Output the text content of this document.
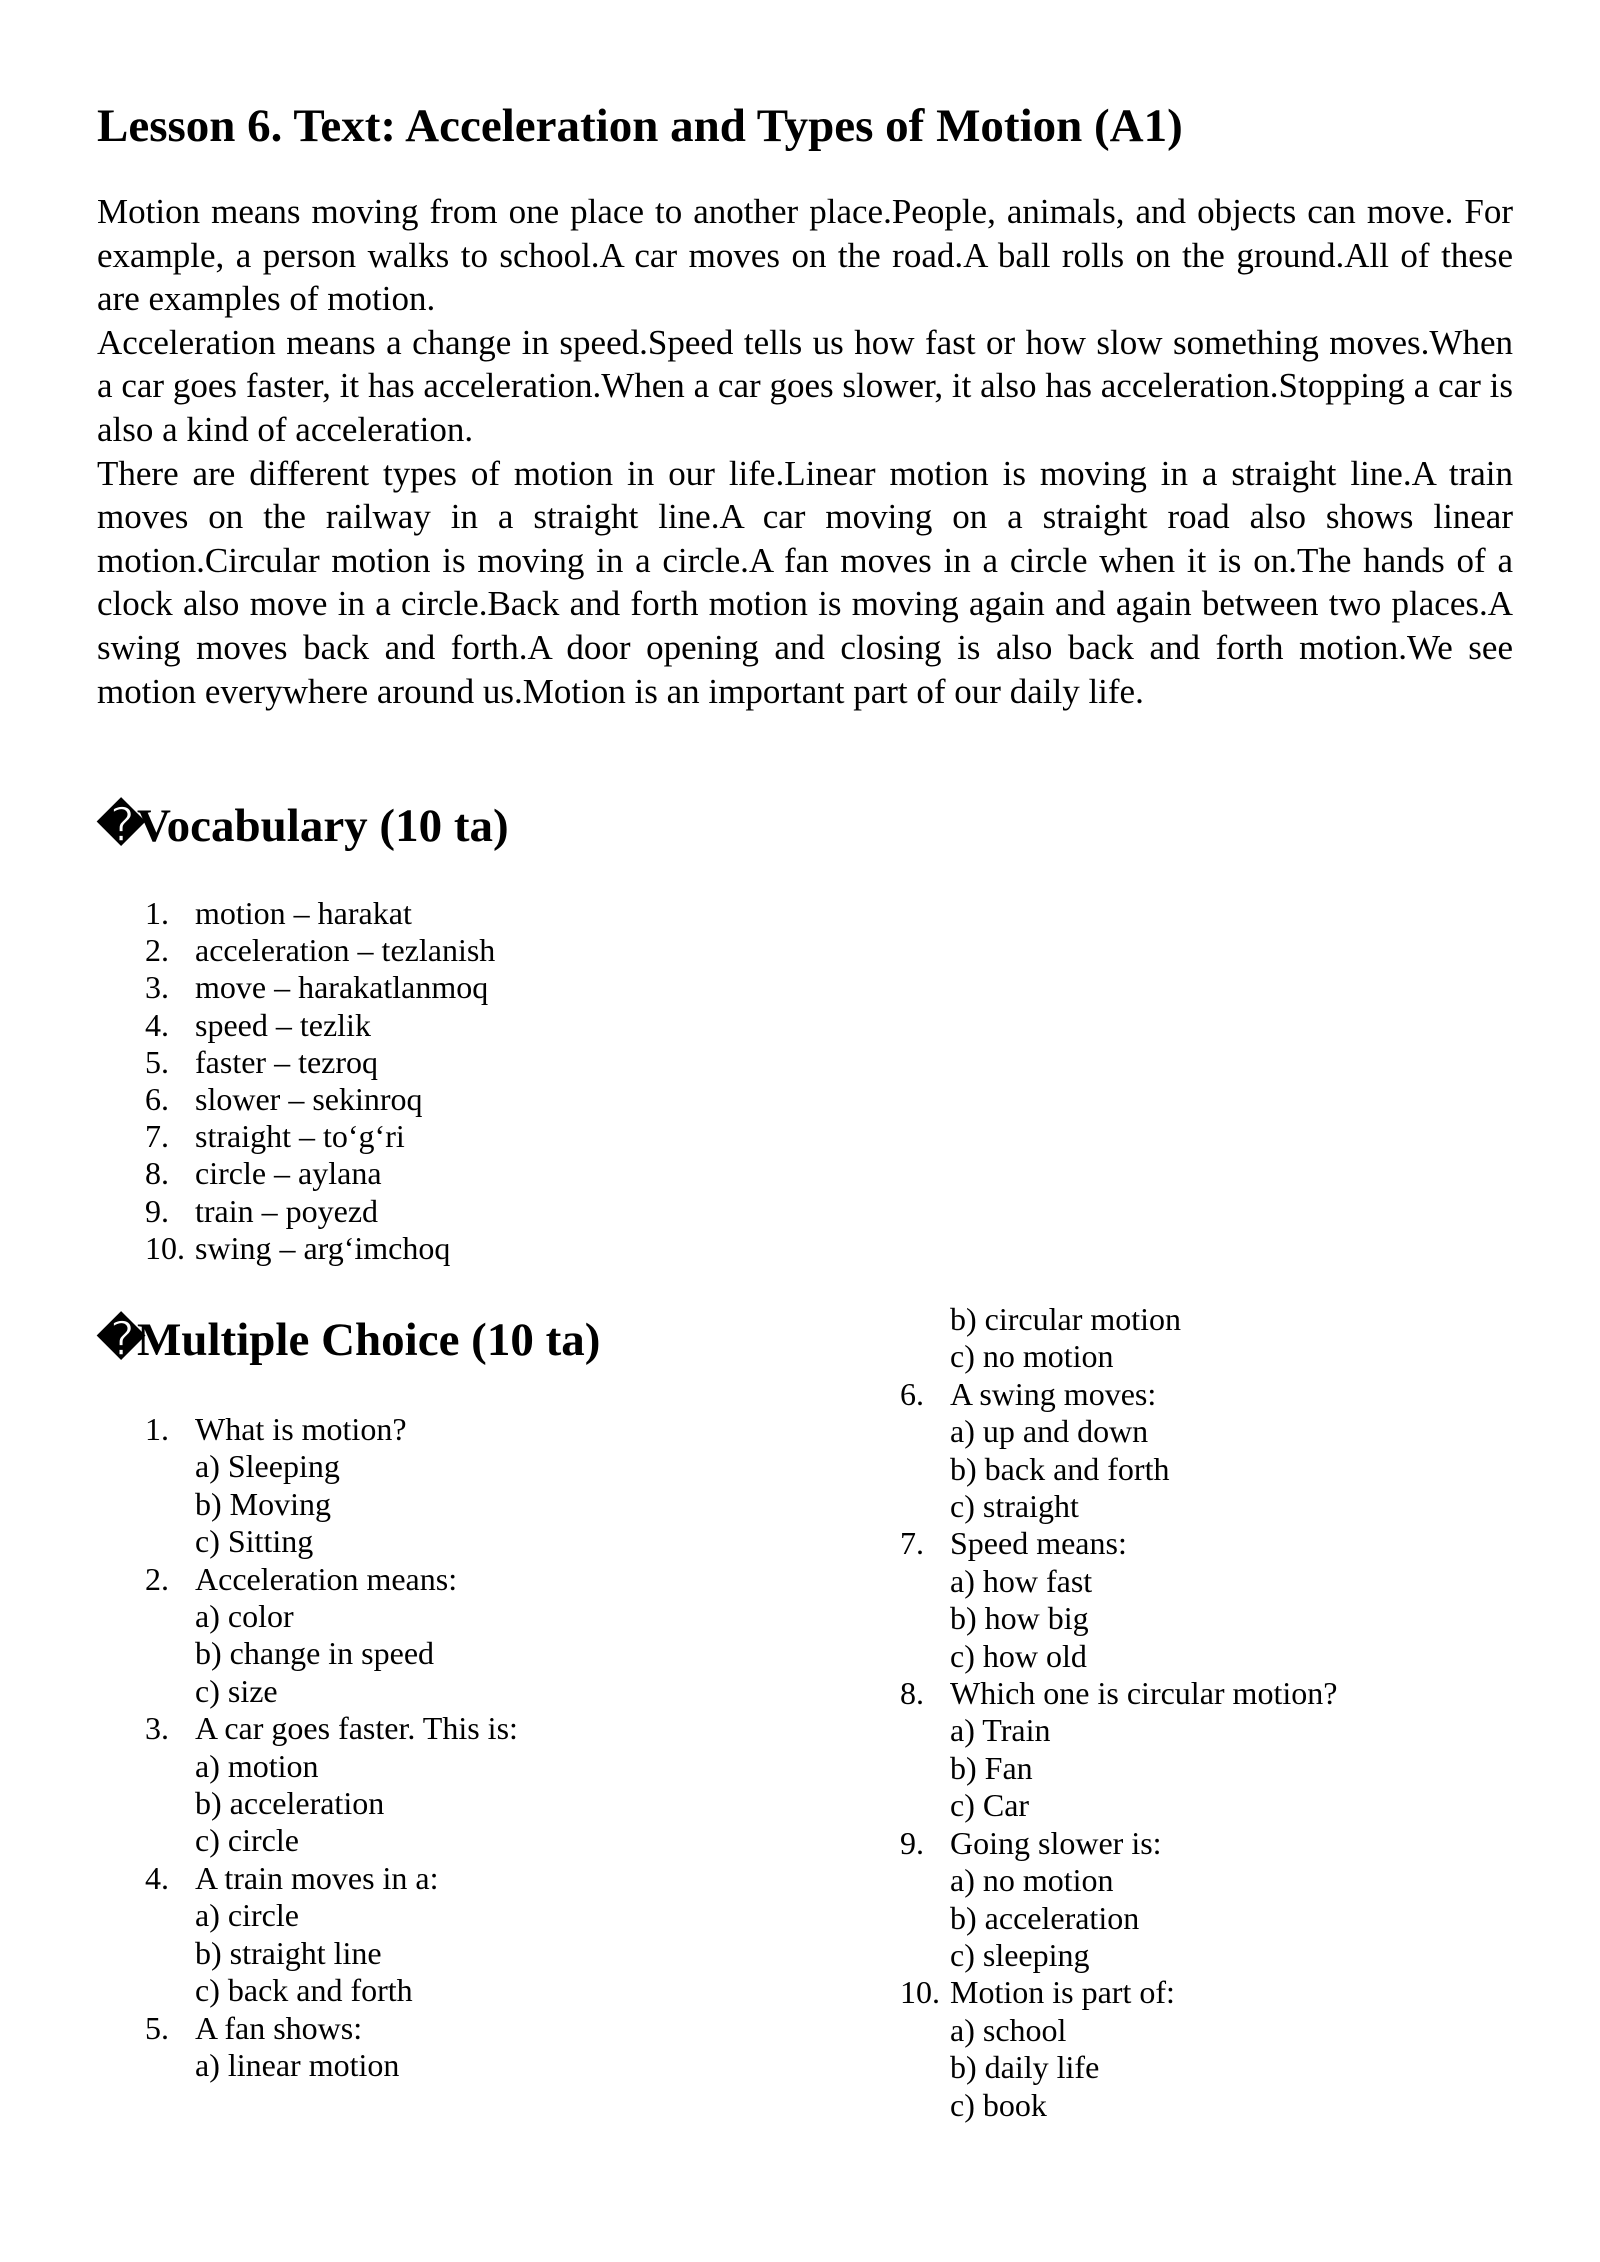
Lesson 6. Text: Acceleration and Types of Motion (A1)

Motion means moving from one place to another place.People, animals, and objects can move. For example, a person walks to school.A car moves on the road.A ball rolls on the ground.All of these are examples of motion.

Acceleration means a change in speed.Speed tells us how fast or how slow something moves.When a car goes faster, it has acceleration.When a car goes slower, it also has acceleration.Stopping a car is also a kind of acceleration.

There are different types of motion in our life.Linear motion is moving in a straight line.A train moves on the railway in a straight line.A car moving on a straight road also shows linear motion.Circular motion is moving in a circle.A fan moves in a circle when it is on.The hands of a clock also move in a circle.Back and forth motion is moving again and again between two places.A swing moves back and forth.A door opening and closing is also back and forth motion.We see motion everywhere around us.Motion is an important part of our daily life.

�Vocabulary (10 ta)
1. motion – harakat
2. acceleration – tezlanish
3. move – harakatlanmoq
4. speed – tezlik
5. faster – tezroq
6. slower – sekinroq
7. straight – to‘g‘ri
8. circle – aylana
9. train – poyezd
10. swing – arg‘imchoq
�Multiple Choice (10 ta)
1. What is motion?
a) Sleeping
b) Moving
c) Sitting
2. Acceleration means:
a) color
b) change in speed
c) size
3. A car goes faster. This is:
a) motion
b) acceleration
c) circle
4. A train moves in a:
a) circle
b) straight line
c) back and forth
5. A fan shows:
a) linear motion
b) circular motion
c) no motion
6. A swing moves:
a) up and down
b) back and forth
c) straight
7. Speed means:
a) how fast
b) how big
c) how old
8. Which one is circular motion?
a) Train
b) Fan
c) Car
9. Going slower is:
a) no motion
b) acceleration
c) sleeping
10. Motion is part of:
a) school
b) daily life
c) book
